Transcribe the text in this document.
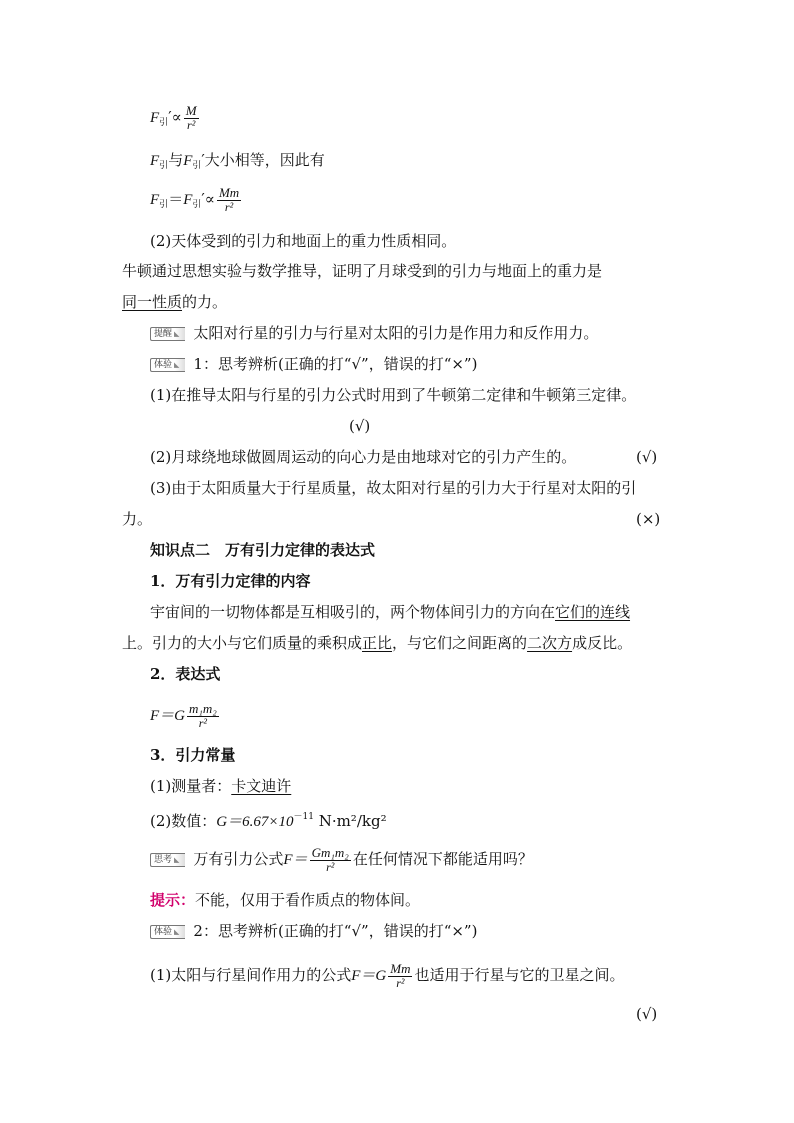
$F_引'\propto \frac{M}{\text{r²}}$
$F_引$与$F_引'$大小相等，因此有
$F_引=F_引'\propto \frac{Mm}{\text{r²}}$
(2)天体受到的引力和地面上的重力性质相同。
牛顿通过思想实验与数学推导，证明了月球受到的引力与地面上的重力是
同一性质的力。
提醒 ◣ 太阳对行星的引力与行星对太阳的引力是作用力和反作用力。
体验 ◣ 1：思考辨析(正确的打“√”，错误的打“×”)
(1)在推导太阳与行星的引力公式时用到了牛顿第二定律和牛顿第三定律。
(√)
(2)月球绕地球做圆周运动的向心力是由地球对它的引力产生的。	(√)
(3)由于太阳质量大于行星质量，故太阳对行星的引力大于行星对太阳的引
力。	(×)
知识点二　万有引力定律的表达式
1．万有引力定律的内容
宇宙间的一切物体都是互相吸引的，两个物体间引力的方向在它们的连线
上。引力的大小与它们质量的乘积成正比，与它们之间距离的二次方成反比。
2．表达式
$F=G \frac{\text{m₁m₂}}{\text{r²}}$
3．引力常量
(1)测量者：卡文迪许
(2)数值：$G=6.67\times 10^{-11}$ N·m²/kg²
思考 ◣ 万有引力公式$F= \frac{\text{Gm₁m₂}}{\text{r²}}$ 在任何情况下都能适用吗？
提示：不能，仅用于看作质点的物体间。
体验 ◣ 2：思考辨析(正确的打“√”，错误的打“×”)
(1)太阳与行星间作用力的公式$F=G \frac{Mm}{\text{r²}}$ 也适用于行星与它的卫星之间。
(√)
